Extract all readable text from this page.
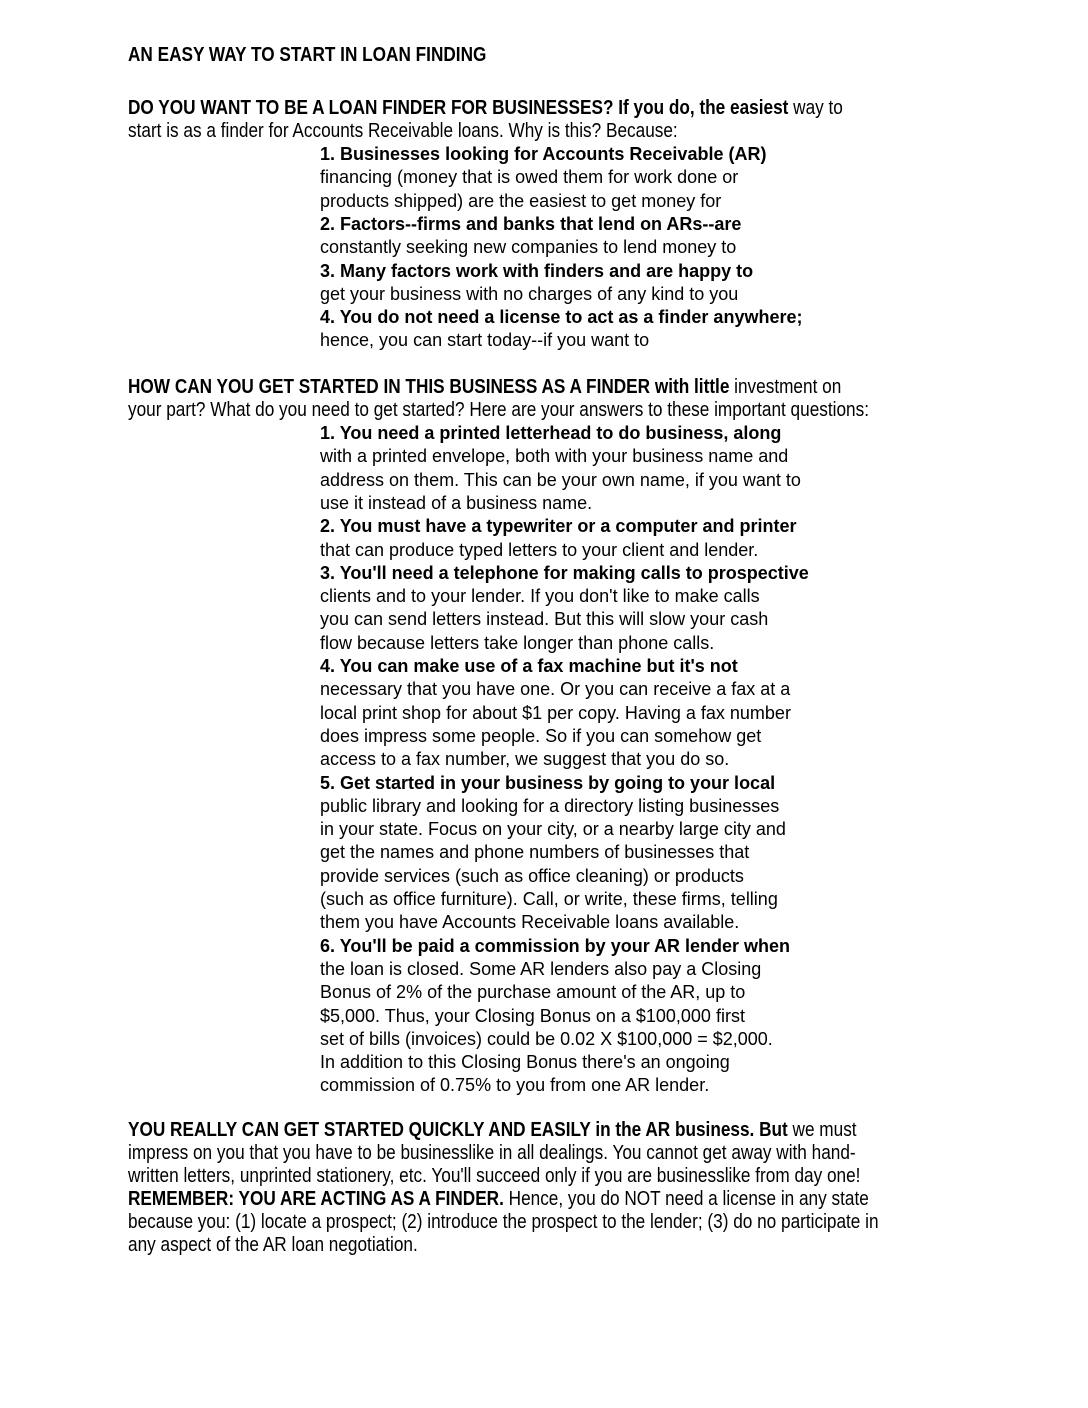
AN EASY WAY TO START IN LOAN FINDING
DO YOU WANT TO BE A LOAN FINDER FOR BUSINESSES? If you do, the easiest way to
start is as a finder for Accounts Receivable loans. Why is this? Because:
1. Businesses looking for Accounts Receivable (AR)
financing (money that is owed them for work done or
products shipped) are the easiest to get money for
2. Factors--firms and banks that lend on ARs--are
constantly seeking new companies to lend money to
3. Many factors work with finders and are happy to
get your business with no charges of any kind to you
4. You do not need a license to act as a finder anywhere;
hence, you can start today--if you want to
HOW CAN YOU GET STARTED IN THIS BUSINESS AS A FINDER with little investment on
your part? What do you need to get started? Here are your answers to these important questions:
1. You need a printed letterhead to do business, along
with a printed envelope, both with your business name and
address on them. This can be your own name, if you want to
use it instead of a business name.
2. You must have a typewriter or a computer and printer
that can produce typed letters to your client and lender.
3. You'll need a telephone for making calls to prospective
clients and to your lender. If you don't like to make calls
you can send letters instead. But this will slow your cash
flow because letters take longer than phone calls.
4. You can make use of a fax machine but it's not
necessary that you have one. Or you can receive a fax at a
local print shop for about $1 per copy. Having a fax number
does impress some people. So if you can somehow get
access to a fax number, we suggest that you do so.
5. Get started in your business by going to your local
public library and looking for a directory listing businesses
in your state. Focus on your city, or a nearby large city and
get the names and phone numbers of businesses that
provide services (such as office cleaning) or products
(such as office furniture). Call, or write, these firms, telling
them you have Accounts Receivable loans available.
6. You'll be paid a commission by your AR lender when
the loan is closed. Some AR lenders also pay a Closing
Bonus of 2% of the purchase amount of the AR, up to
$5,000. Thus, your Closing Bonus on a $100,000 first
set of bills (invoices) could be 0.02 X $100,000 = $2,000.
In addition to this Closing Bonus there's an ongoing
commission of 0.75% to you from one AR lender.
YOU REALLY CAN GET STARTED QUICKLY AND EASILY in the AR business. But we must
impress on you that you have to be businesslike in all dealings. You cannot get away with hand-
written letters, unprinted stationery, etc. You'll succeed only if you are businesslike from day one!
REMEMBER: YOU ARE ACTING AS A FINDER. Hence, you do NOT need a license in any state
because you: (1) locate a prospect; (2) introduce the prospect to the lender; (3) do no participate in
any aspect of the AR loan negotiation.
